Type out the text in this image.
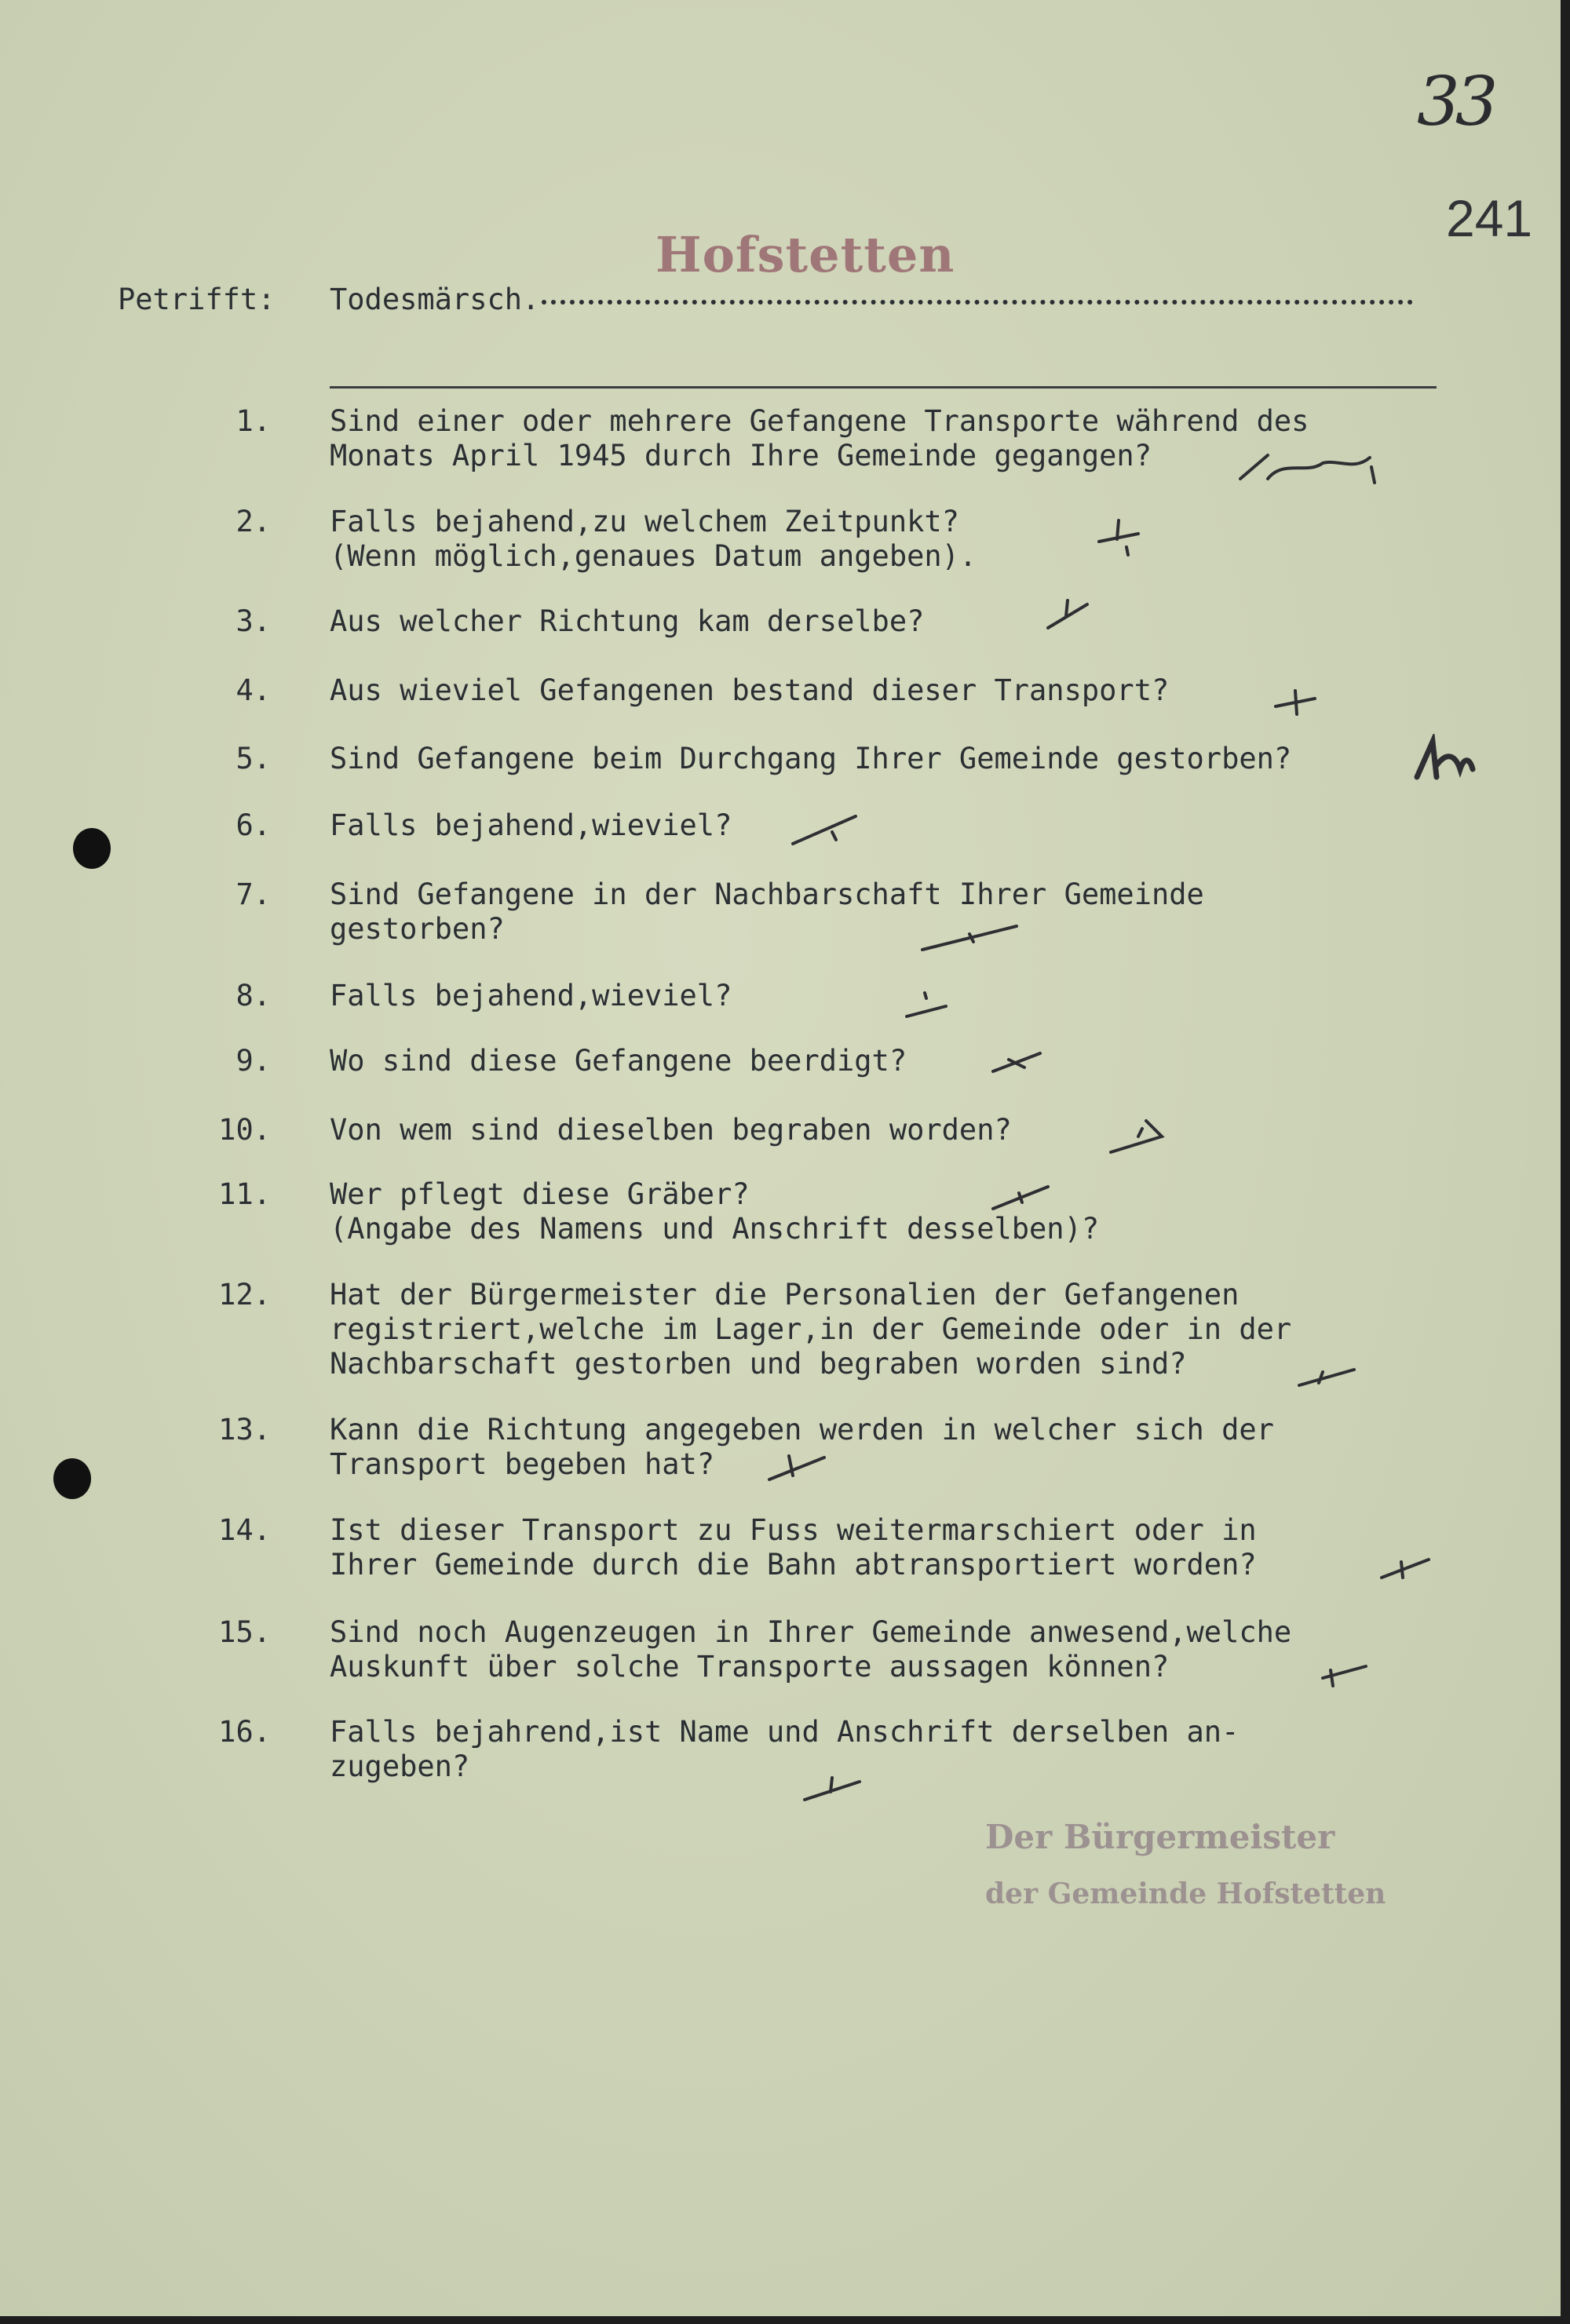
33
241
Hofstetten
Petrifft: Todesmärsch.
1. Sind einer oder mehrere Gefangene Transporte während des
Monats April 1945 durch Ihre Gemeinde gegangen?
2. Falls bejahend,zu welchem Zeitpunkt?
(Wenn möglich,genaues Datum angeben).
3. Aus welcher Richtung kam derselbe?
4. Aus wieviel Gefangenen bestand dieser Transport?
5. Sind Gefangene beim Durchgang Ihrer Gemeinde gestorben?
6. Falls bejahend,wieviel?
7. Sind Gefangene in der Nachbarschaft Ihrer Gemeinde
gestorben?
8. Falls bejahend,wieviel?
9. Wo sind diese Gefangene beerdigt?
10. Von wem sind dieselben begraben worden?
11. Wer pflegt diese Gräber?
(Angabe des Namens und Anschrift desselben)?
12. Hat der Bürgermeister die Personalien der Gefangenen
registriert,welche im Lager,in der Gemeinde oder in der
Nachbarschaft gestorben und begraben worden sind?
13. Kann die Richtung angegeben werden in welcher sich der
Transport begeben hat?
14. Ist dieser Transport zu Fuss weitermarschiert oder in
Ihrer Gemeinde durch die Bahn abtransportiert worden?
15. Sind noch Augenzeugen in Ihrer Gemeinde anwesend,welche
Auskunft über solche Transporte aussagen können?
16. Falls bejahrend,ist Name und Anschrift derselben an-
zugeben?
Der Bürgermeister
der Gemeinde Hofstetten
